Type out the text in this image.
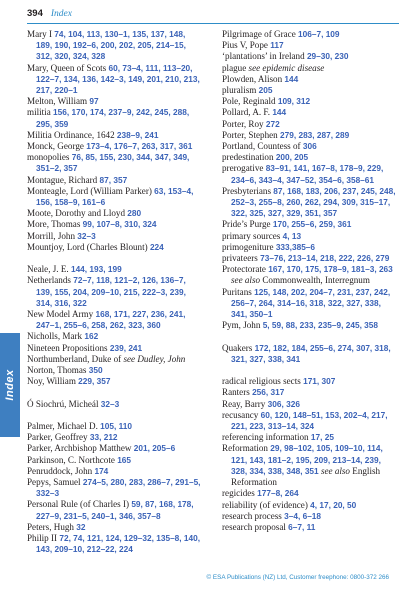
394 Index

Mary I 74, 104, 113, 130–1, 135, 137, 148, 189, 190, 192–6, 200, 202, 205, 214–15, 312, 320, 324, 328

Mary, Queen of Scots 60, 73–4, 111, 113–20, 122–7, 134, 136, 142–3, 149, 201, 210, 213, 217, 220–1

Melton, William 97

militia 156, 170, 174, 237–9, 242, 245, 288, 295, 359

Militia Ordinance, 1642 238–9, 241

Monck, George 173–4, 176–7, 263, 317, 361

monopolies 76, 85, 155, 230, 344, 347, 349, 351–2, 357

Montague, Richard 87, 357

Monteagle, Lord (William Parker) 63, 153–4, 156, 158–9, 161–6

Moote, Dorothy and Lloyd 280

More, Thomas 99, 107–8, 310, 324

Morrill, John 32–3

Mountjoy, Lord (Charles Blount) 224

Neale, J. E. 144, 193, 199

Netherlands 72–7, 118, 121–2, 126, 136–7, 139, 155, 204, 209–10, 215, 222–3, 239, 314, 316, 322

New Model Army 168, 171, 227, 236, 241, 247–1, 255–6, 258, 262, 323, 360

Nicholls, Mark 162

Nineteen Propositions 239, 241

Northumberland, Duke of see Dudley, John

Norton, Thomas 350

Noy, William 229, 357

Ó Siochrú, Micheál 32–3

Palmer, Michael D. 105, 110

Parker, Geoffrey 33, 212

Parker, Archbishop Matthew 201, 205–6

Parkinson, C. Northcote 165

Penruddock, John 174

Pepys, Samuel 274–5, 280, 283, 286–7, 291–5, 332–3

Personal Rule (of Charles I) 59, 87, 168, 178, 227–9, 231–5, 240–1, 346, 357–8

Peters, Hugh 32

Philip II 72, 74, 121, 124, 129–32, 135–8, 140, 143, 209–10, 212–22, 224

Pilgrimage of Grace 106–7, 109

Pius V, Pope 117

‘plantations’ in Ireland 29–30, 230

plague see epidemic disease

Plowden, Alison 144

pluralism 205

Pole, Reginald 109, 312

Pollard, A. F. 144

Porter, Roy 272

Porter, Stephen 279, 283, 287, 289

Portland, Countess of 306

predestination 200, 205

prerogative 83–91, 141, 167–8, 178–9, 229, 234–6, 343–4, 347–52, 354–6, 358–61

Presbyterians 87, 168, 183, 206, 237, 245, 248, 252–3, 255–8, 260, 262, 294, 309, 315–17, 322, 325, 327, 329, 351, 357

Pride’s Purge 170, 255–6, 259, 361

primary sources 4, 13

primogeniture 333,385–6

privateers 73–76, 213–14, 218, 222, 226, 279

Protectorate 167, 170, 175, 178–9, 181–3, 263 see also Commonwealth, Interregnum

Puritans 125, 148, 202, 204–7, 231, 237, 242, 256–7, 264, 314–16, 318, 322, 327, 338, 341, 350–1

Pym, John 5, 59, 88, 233, 235–9, 245, 358

Quakers 172, 182, 184, 255–6, 274, 307, 318, 321, 327, 338, 341

radical religious sects 171, 307

Ranters 256, 317

Reay, Barry 306, 326

recusancy 60, 120, 148–51, 153, 202–4, 217, 221, 223, 313–14, 324

referencing information 17, 25

Reformation 29, 98–102, 105, 109–10, 114, 121, 143, 181–2, 195, 209, 213–14, 239, 328, 334, 338, 348, 351 see also English Reformation

regicides 177–8, 264

reliability (of evidence) 4, 17, 20, 50

research process 3–4, 6–18

research proposal 6–7, 11

Index
© ESA Publications (NZ) Ltd, Customer freephone: 0800-372 266
